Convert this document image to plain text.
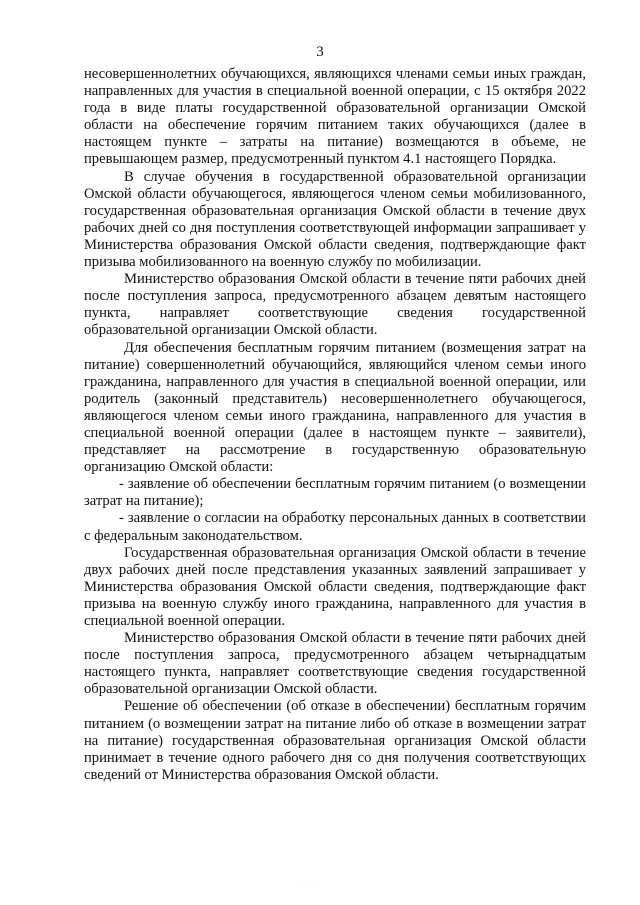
3

несовершеннолетних обучающихся, являющихся членами семьи иных граждан, направленных для участия в специальной военной операции, с 15 октября 2022 года в виде платы государственной образовательной организации Омской области на обеспечение горячим питанием таких обучающихся (далее в настоящем пункте – затраты на питание) возмещаются в объеме, не превышающем размер, предусмотренный пунктом 4.1 настоящего Порядка.

В случае обучения в государственной образовательной организации Омской области обучающегося, являющегося членом семьи мобилизованного, государственная образовательная организация Омской области в течение двух рабочих дней со дня поступления соответствующей информации запрашивает у Министерства образования Омской области сведения, подтверждающие факт призыва мобилизованного на военную службу по мобилизации.

Министерство образования Омской области в течение пяти рабочих дней после поступления запроса, предусмотренного абзацем девятым настоящего пункта, направляет соответствующие сведения государственной образовательной организации Омской области.

Для обеспечения бесплатным горячим питанием (возмещения затрат на питание) совершеннолетний обучающийся, являющийся членом семьи иного гражданина, направленного для участия в специальной военной операции, или родитель (законный представитель) несовершеннолетнего обучающегося, являющегося членом семьи иного гражданина, направленного для участия в специальной военной операции (далее в настоящем пункте – заявители), представляет на рассмотрение в государственную образовательную организацию Омской области:

- заявление об обеспечении бесплатным горячим питанием (о возмещении затрат на питание);

- заявление о согласии на обработку персональных данных в соответствии с федеральным законодательством.

Государственная образовательная организация Омской области в течение двух рабочих дней после представления указанных заявлений запрашивает у Министерства образования Омской области сведения, подтверждающие факт призыва на военную службу иного гражданина, направленного для участия в специальной военной операции.

Министерство образования Омской области в течение пяти рабочих дней после поступления запроса, предусмотренного абзацем четырнадцатым настоящего пункта, направляет соответствующие сведения государственной образовательной организации Омской области.

Решение об обеспечении (об отказе в обеспечении) бесплатным горячим питанием (о возмещении затрат на питание либо об отказе в возмещении затрат на питание) государственная образовательная организация Омской области принимает в течение одного рабочего дня со дня получения соответствующих сведений от Министерства образования Омской области.

· · ·
